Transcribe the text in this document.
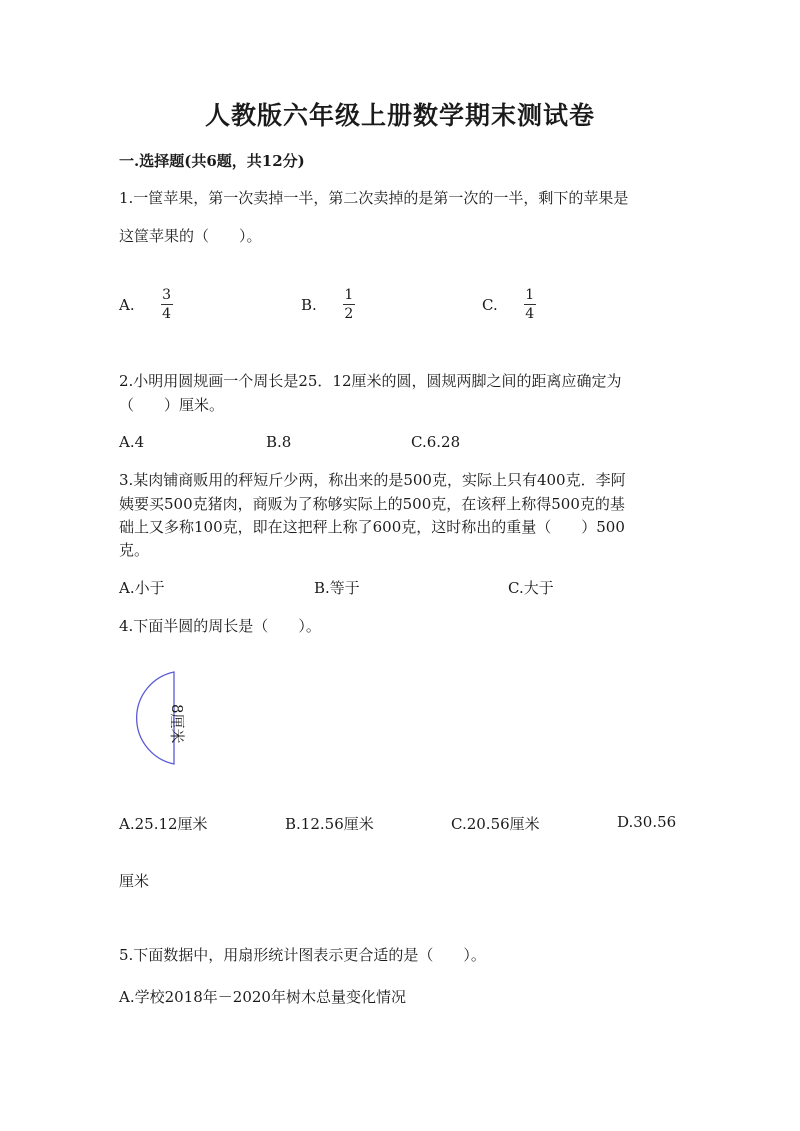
人教版六年级上册数学期末测试卷
一.选择题(共6题，共12分)
1.一筐苹果，第一次卖掉一半，第二次卖掉的是第一次的一半，剩下的苹果是
这筐苹果的（　　）。
A. $\frac{3}{4}$	B. $\frac{1}{2}$	C. $\frac{1}{4}$
2.小明用圆规画一个周长是25．12厘米的圆，圆规两脚之间的距离应确定为
（　　）厘米。
A.4	B.8	C.6.28
3.某肉铺商贩用的秤短斤少两，称出来的是500克，实际上只有400克．李阿
姨要买500克猪肉，商贩为了称够实际上的500克，在该秤上称得500克的基
础上又多称100克，即在这把秤上称了600克，这时称出的重量（　　）500
克。
A.小于	B.等于	C.大于
4.下面半圆的周长是（　　）。
8厘米
A.25.12厘米	B.12.56厘米	C.20.56厘米	D.30.56
厘米
5.下面数据中，用扇形统计图表示更合适的是（　　）。
A.学校2018年－2020年树木总量变化情况
